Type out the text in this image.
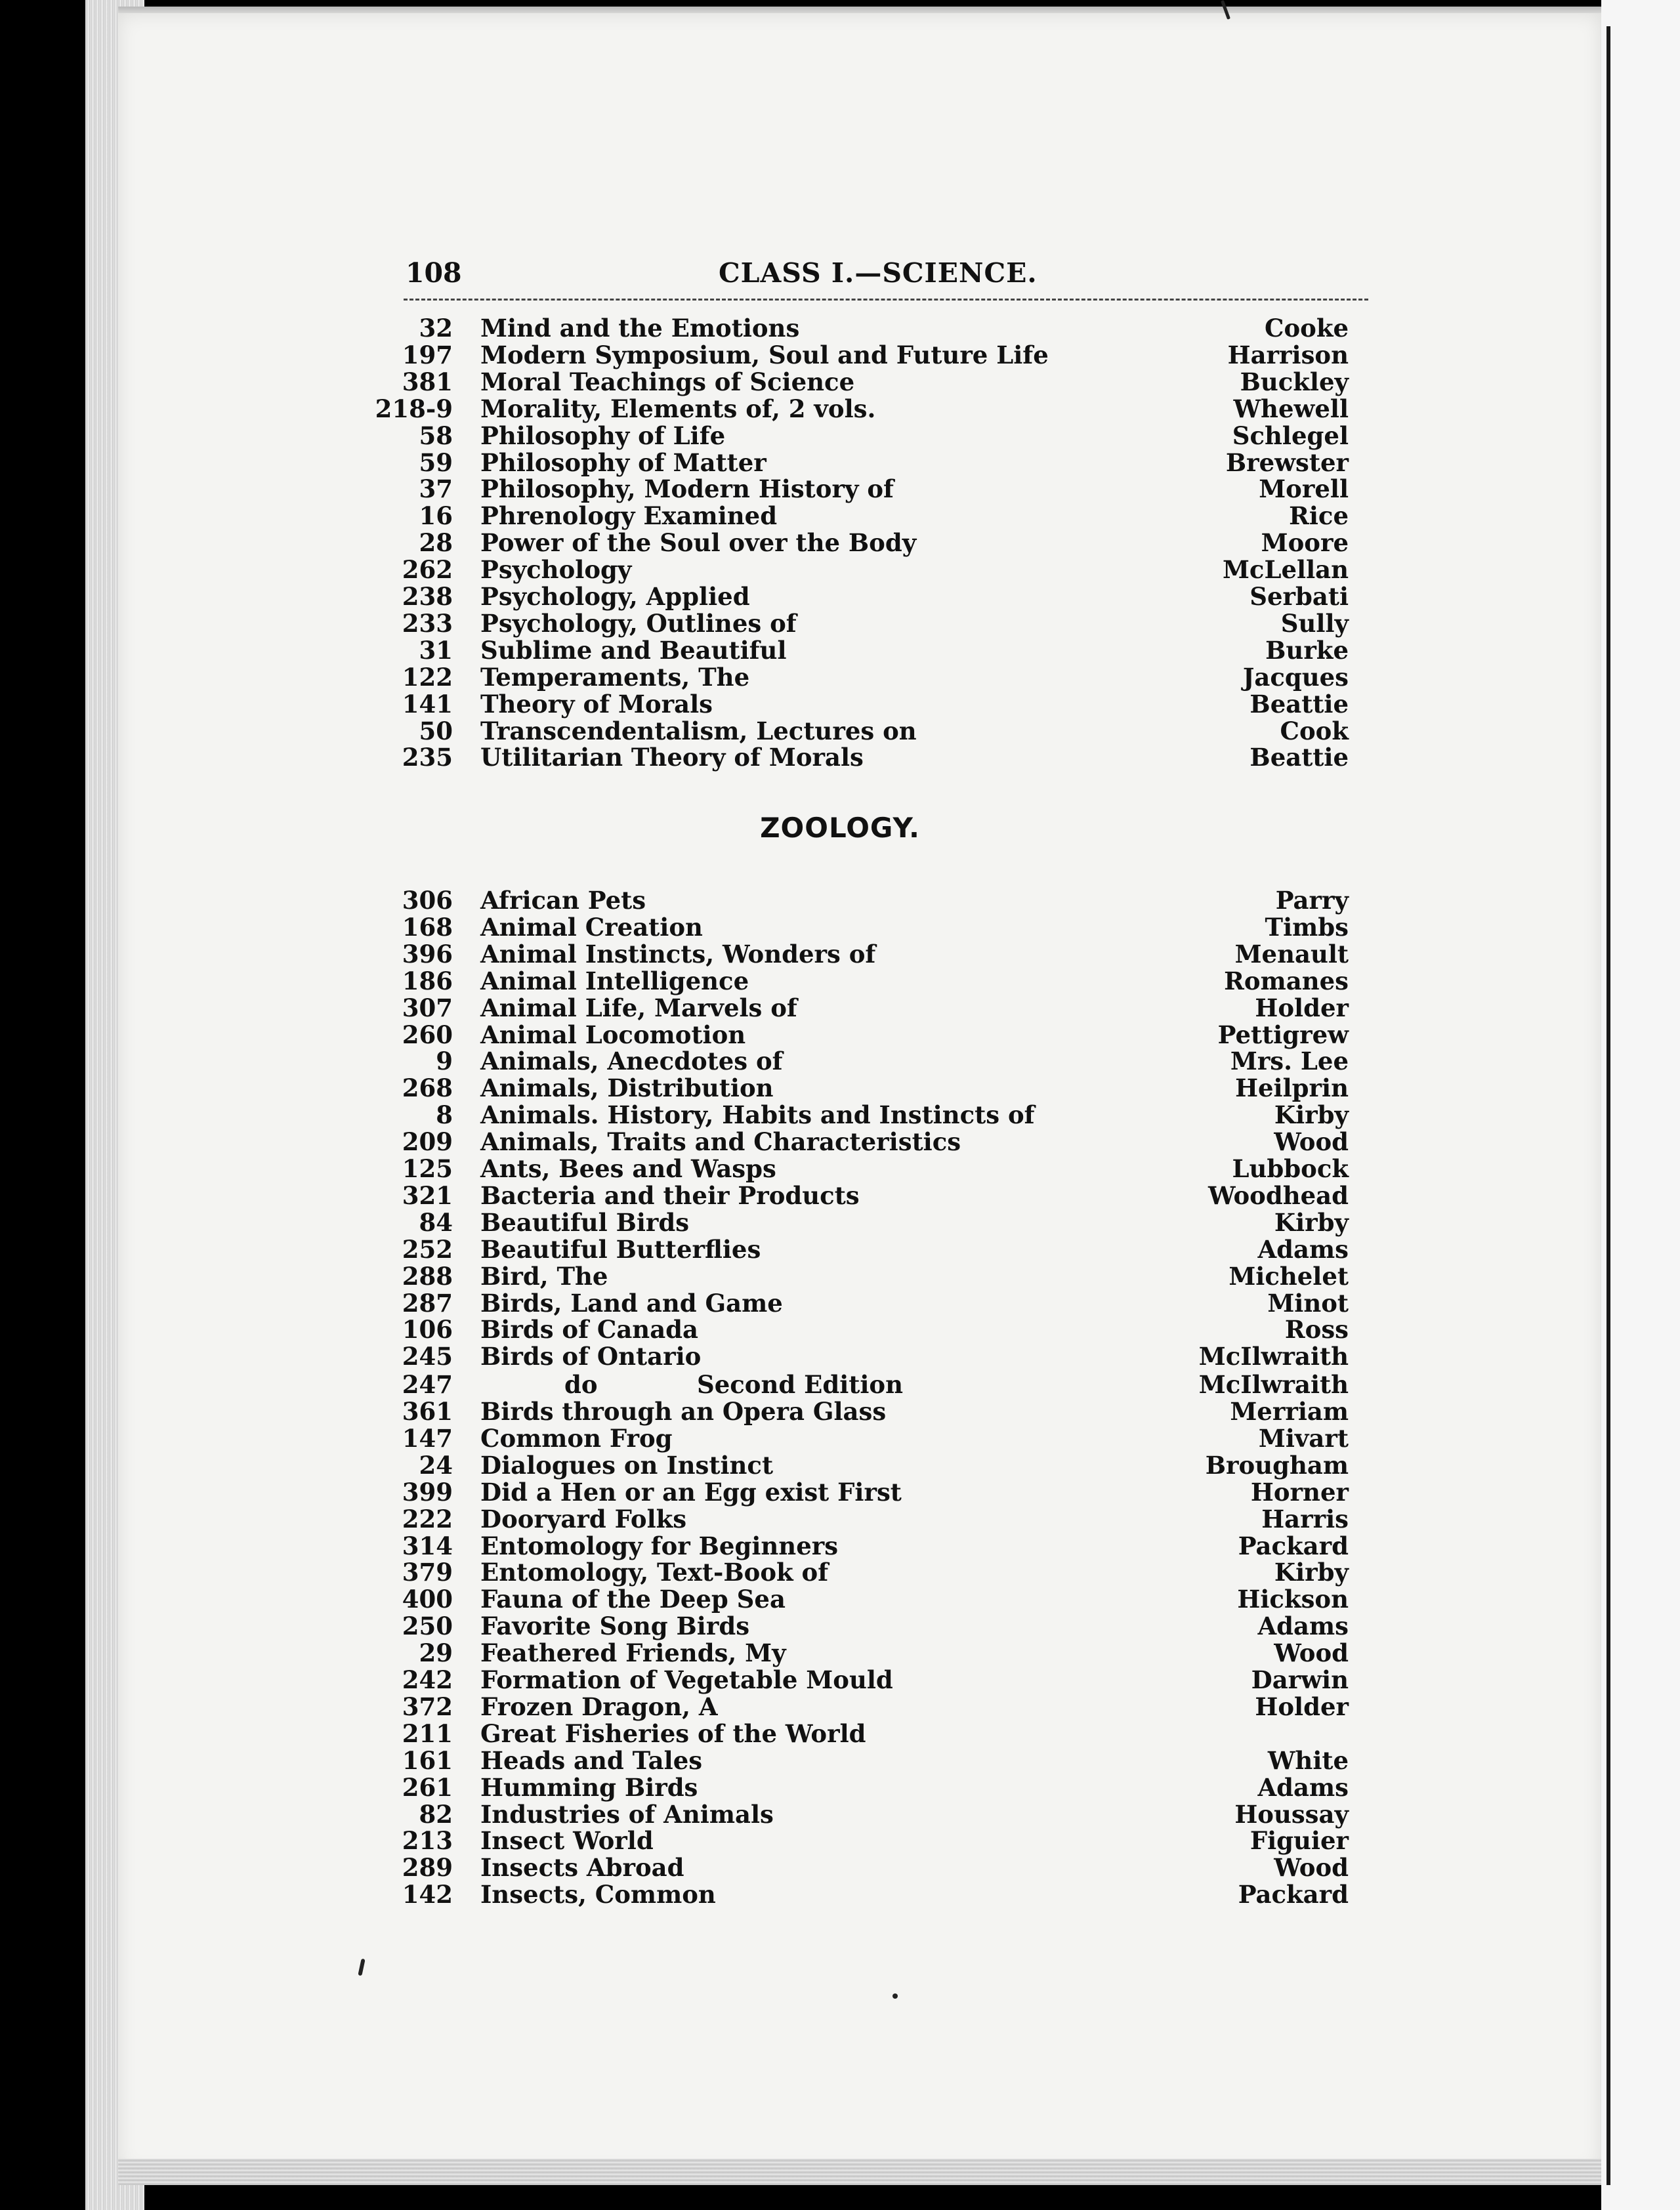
108	CLASS I.—SCIENCE.
32 Mind and the Emotions	Cooke
197 Modern Symposium, Soul and Future Life	Harrison
381 Moral Teachings of Science	Buckley
218-9 Morality, Elements of, 2 vols.	Whewell
58 Philosophy of Life	Schlegel
59 Philosophy of Matter	Brewster
37 Philosophy, Modern History of	Morell
16 Phrenology Examined	Rice
28 Power of the Soul over the Body	Moore
262 Psychology	McLellan
238 Psychology, Applied	Serbati
233 Psychology, Outlines of	Sully
31 Sublime and Beautiful	Burke
122 Temperaments, The	Jacques
141 Theory of Morals	Beattie
50 Transcendentalism, Lectures on	Cook
235 Utilitarian Theory of Morals	Beattie
ZOOLOGY.
306 African Pets	Parry
168 Animal Creation	Timbs
396 Animal Instincts, Wonders of	Menault
186 Animal Intelligence	Romanes
307 Animal Life, Marvels of	Holder
260 Animal Locomotion	Pettigrew
9 Animals, Anecdotes of	Mrs. Lee
268 Animals, Distribution	Heilprin
8 Animals. History, Habits and Instincts of	Kirby
209 Animals, Traits and Characteristics	Wood
125 Ants, Bees and Wasps	Lubbock
321 Bacteria and their Products	Woodhead
84 Beautiful Birds	Kirby
252 Beautiful Butterflies	Adams
288 Bird, The	Michelet
287 Birds, Land and Game	Minot
106 Birds of Canada	Ross
245 Birds of Ontario	McIlwraith
247	do	Second Edition	McIlwraith
361 Birds through an Opera Glass	Merriam
147 Common Frog	Mivart
24 Dialogues on Instinct	Brougham
399 Did a Hen or an Egg exist First	Horner
222 Dooryard Folks	Harris
314 Entomology for Beginners	Packard
379 Entomology, Text-Book of	Kirby
400 Fauna of the Deep Sea	Hickson
250 Favorite Song Birds	Adams
29 Feathered Friends, My	Wood
242 Formation of Vegetable Mould	Darwin
372 Frozen Dragon, A	Holder
211 Great Fisheries of the World
161 Heads and Tales	White
261 Humming Birds	Adams
82 Industries of Animals	Houssay
213 Insect World	Figuier
289 Insects Abroad	Wood
142 Insects, Common	Packard
